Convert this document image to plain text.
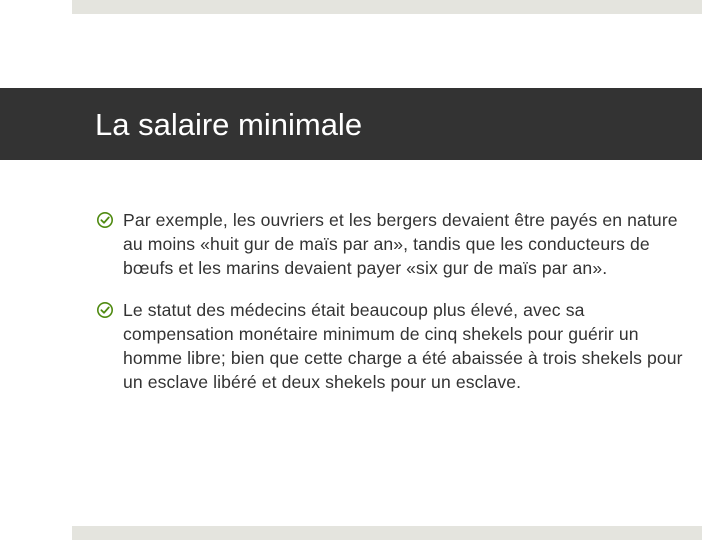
La salaire minimale
Par exemple, les ouvriers et les bergers devaient être payés en nature au moins «huit gur de maïs par an», tandis que les conducteurs de bœufs et les marins devaient payer «six gur de maïs par an».
Le statut des médecins était beaucoup plus élevé, avec sa compensation monétaire minimum de cinq shekels pour guérir un homme libre; bien que cette charge a été abaissée à trois shekels pour un esclave libéré et deux shekels pour un esclave.
